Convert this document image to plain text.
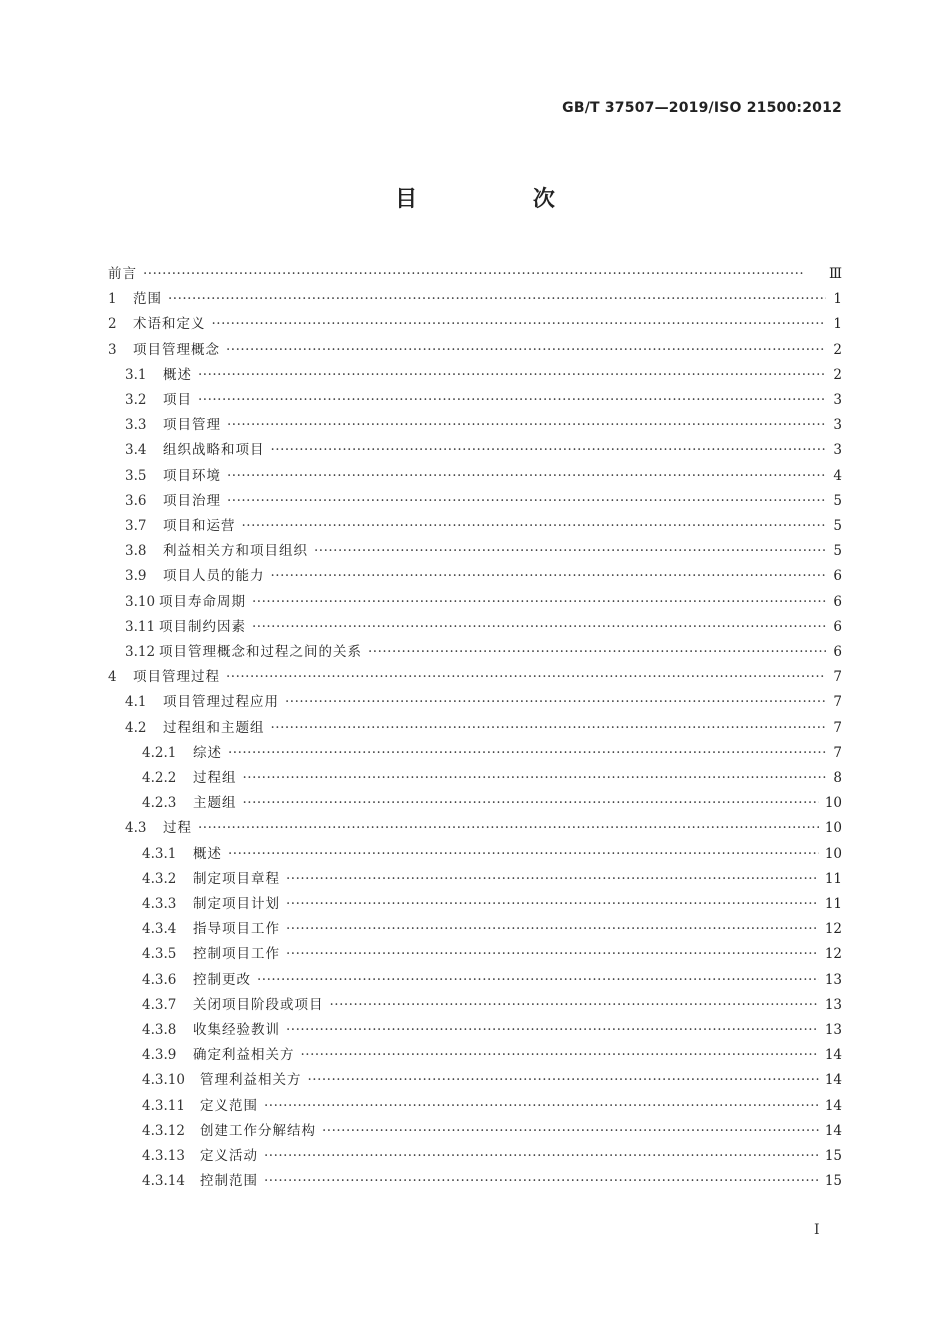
GB/T 37507—2019/ISO 21500:2012
目 次
前言 ·····	Ⅲ
1	范围 ·····	1
2	术语和定义 ·····	1
3	项目管理概念 ·····	2
3.1	概述 ·····	2
3.2	项目 ·····	3
3.3	项目管理 ·····	3
3.4	组织战略和项目 ·····	3
3.5	项目环境 ·····	4
3.6	项目治理 ·····	5
3.7	项目和运营 ·····	5
3.8	利益相关方和项目组织 ·····	5
3.9	项目人员的能力 ·····	6
3.10 项目寿命周期 ·····	6
3.11 项目制约因素 ·····	6
3.12 项目管理概念和过程之间的关系 ·····	6
4	项目管理过程 ·····	7
4.1	项目管理过程应用 ·····	7
4.2	过程组和主题组 ·····	7
4.2.1	综述 ·····	7
4.2.2	过程组 ·····	8
4.2.3	主题组 ·····	10
4.3	过程 ·····	10
4.3.1	概述 ·····	10
4.3.2	制定项目章程 ·····	11
4.3.3	制定项目计划 ·····	11
4.3.4	指导项目工作 ·····	12
4.3.5	控制项目工作 ·····	12
4.3.6	控制更改 ·····	13
4.3.7	关闭项目阶段或项目 ·····	13
4.3.8	收集经验教训 ·····	13
4.3.9	确定利益相关方 ·····	14
4.3.10	管理利益相关方 ·····	14
4.3.11	定义范围 ·····	14
4.3.12	创建工作分解结构 ·····	14
4.3.13	定义活动 ·····	15
4.3.14	控制范围 ·····	15
I
